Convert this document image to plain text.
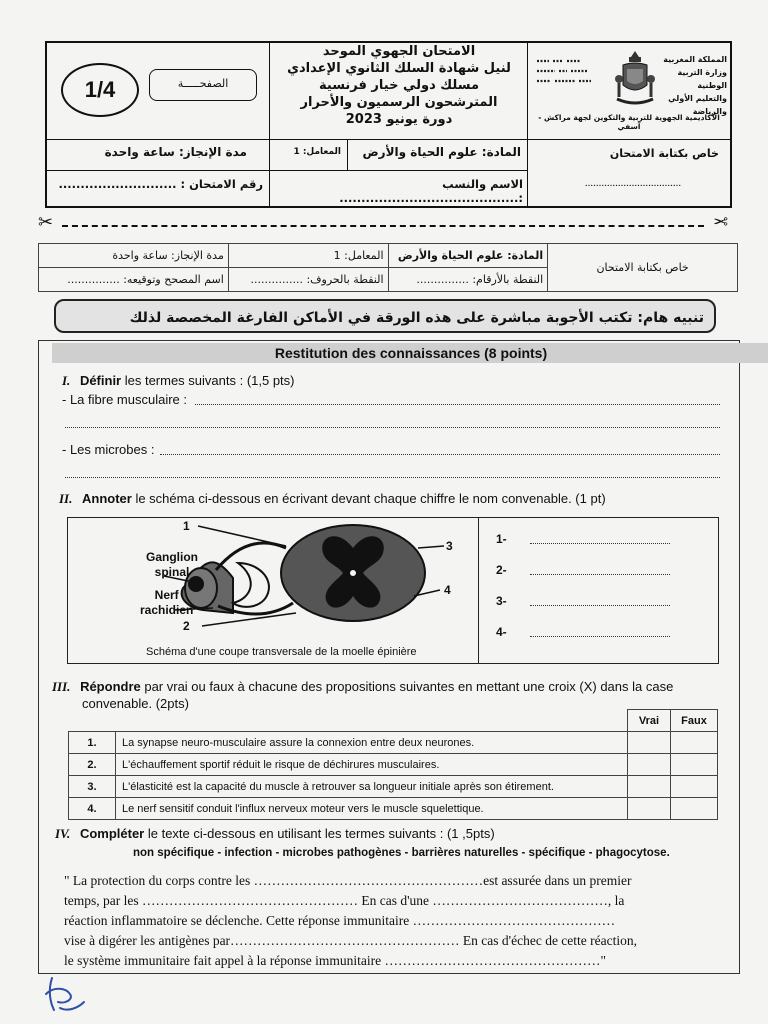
1/4	الصفحـــــة
الامتحان الجهوي الموحد
لنيل شهادة السلك الثانوي الإعدادي
مسلك دولي خيار فرنسية
المترشحون الرسميون والأحرار
دورة يونيو 2023
المملكة المغربية
وزارة التربية الوطنية
والتعليم الأولي والرياضة
الأكاديمية الجهوية للتربية والتكوين لجهة مراكش - آسفي
مدة الإنجاز: ساعة واحدة	المعامل: 1	المادة: علوم الحياة والأرض	خاص بكتابة الامتحان
...................................
رقم الامتحان : ...........................	الاسم والنسب :.........................................
✂	✂
خاص بكتابة الامتحان	المادة: علوم الحياة والأرض	المعامل: 1	مدة الإنجاز: ساعة واحدة
	النقطة بالأرقام: ...............	النقطة بالحروف: ...............	اسم المصحح وتوقيعه: ...............
تنبيه هام: تكتب الأجوبة مباشرة على هذه الورقة في الأماكن الفارغة المخصصة لذلك
Restitution des connaissances (8 points)
I. Définir les termes suivants : (1,5 pts)
- La fibre musculaire :
- Les microbes :
II. Annoter le schéma ci-dessous en écrivant devant chaque chiffre le nom convenable. (1 pt)
1
2
3
4
Ganglion
spinal
Nerf
rachidien
Schéma d'une coupe transversale de la moelle épinière
1-
2-
3-
4-
III. Répondre par vrai ou faux à chacune des propositions suivantes en mettant une croix (X) dans la case
convenable. (2pts)
		Vrai	Faux
1.	La synapse neuro-musculaire assure la connexion entre deux neurones.		
2.	L'échauffement sportif réduit le risque de déchirures musculaires.		
3.	L'élasticité est la capacité du muscle à retrouver sa longueur initiale après son étirement.		
4.	Le nerf sensitif conduit l'influx nerveux moteur vers le muscle squelettique.		
IV. Compléter le texte ci-dessous en utilisant les termes suivants : (1 ,5pts)
non spécifique - infection - microbes pathogènes - barrières naturelles - spécifique - phagocytose.
" La protection du corps contre les ……………………………………………est assurée dans un premier
temps, par les ………………………………………… En cas d'une …………………………………, la
réaction inflammatoire se déclenche. Cette réponse immunitaire ………………………………………
vise à digérer les antigènes par…………………………………………… En cas d'échec de cette réaction,
le système immunitaire fait appel à la réponse immunitaire …………………………………………"
